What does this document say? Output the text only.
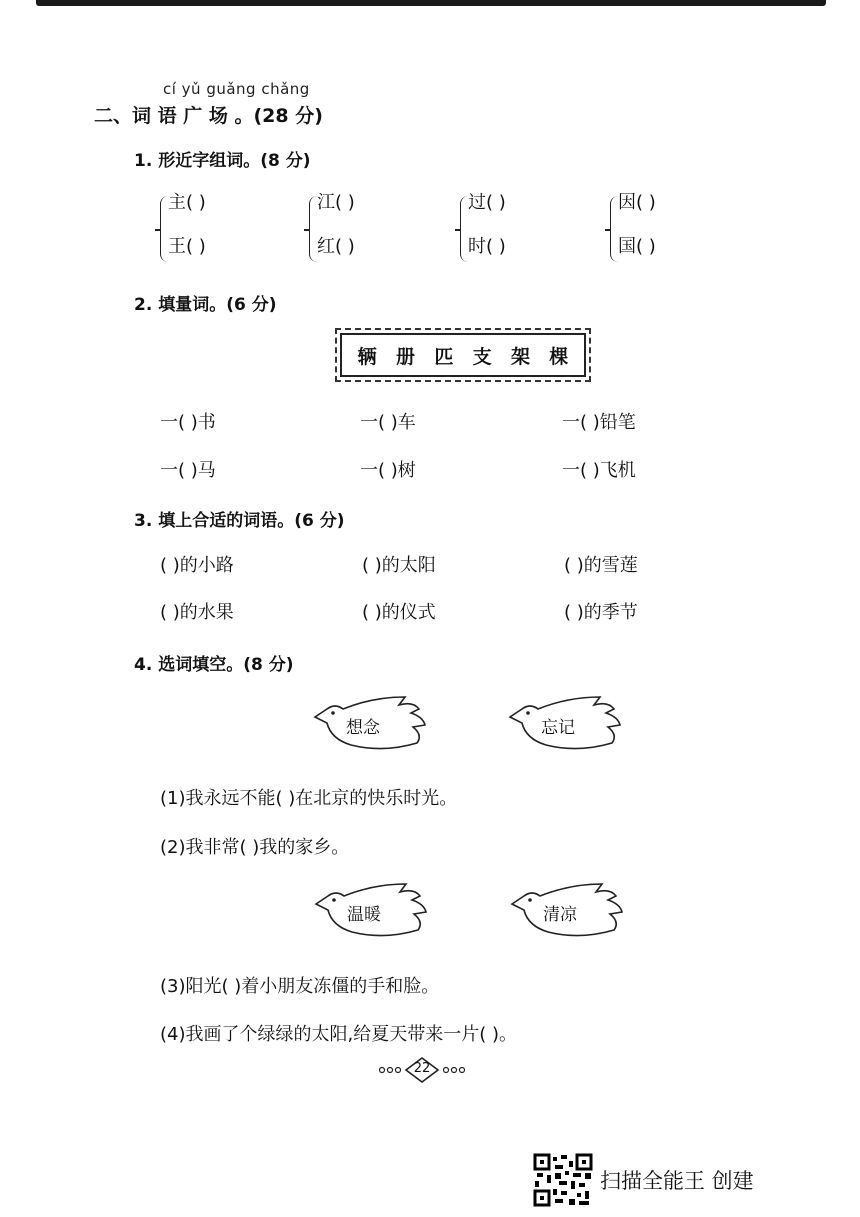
cí yǔ guǎng chǎng
二、词 语 广 场 。(28 分)
1. 形近字组词。(8 分)
主( )
王( )
江( )
红( )
过( )
时( )
因( )
国( )
2. 填量词。(6 分)
辆 册 匹 支 架 棵
一( )书	一( )车	一( )铅笔
一( )马	一( )树	一( )飞机
3. 填上合适的词语。(6 分)
( )的小路	( )的太阳	( )的雪莲
( )的水果	( )的仪式	( )的季节
4. 选词填空。(8 分)
想念	忘记
(1)我永远不能( )在北京的快乐时光。
(2)我非常( )我的家乡。
温暖	清凉
(3)阳光( )着小朋友冻僵的手和脸。
(4)我画了个绿绿的太阳,给夏天带来一片( )。
22
扫描全能王 创建
